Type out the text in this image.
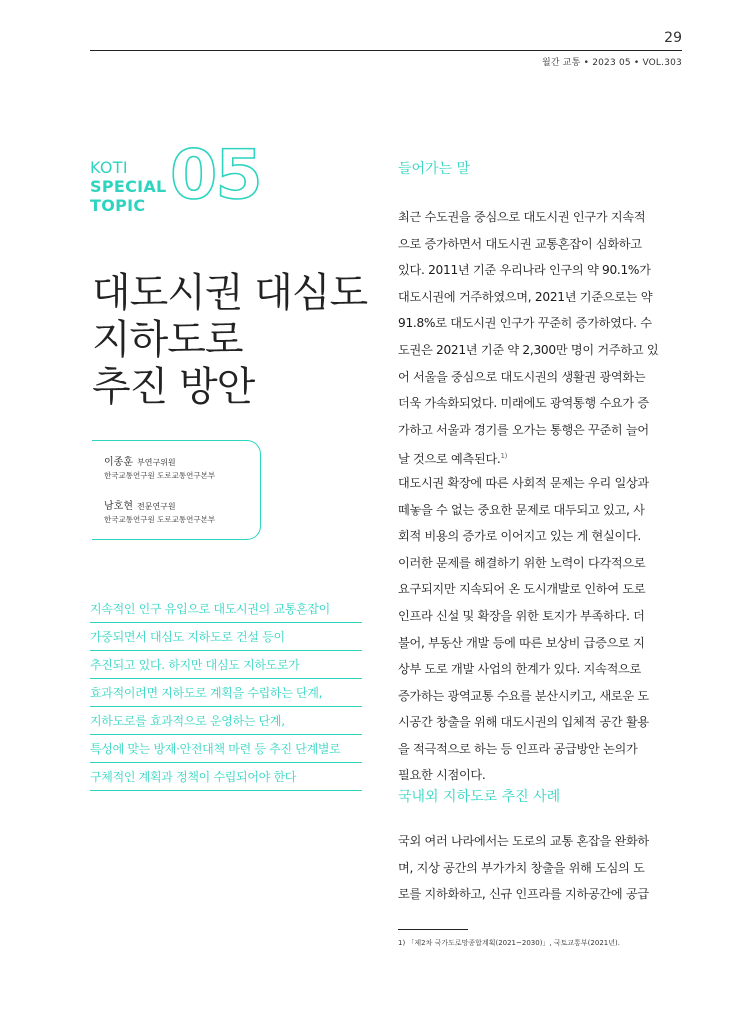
29
월간 교통 • 2023 05 • VOL.303
KOTI
SPECIAL
TOPIC 05
대도시권 대심도
지하도로
추진 방안
이종훈 부연구위원
한국교통연구원 도로교통연구본부
남호현 전문연구원
한국교통연구원 도로교통연구본부
지속적인 인구 유입으로 대도시권의 교통혼잡이
가중되면서 대심도 지하도로 건설 등이
추진되고 있다. 하지만 대심도 지하도로가
효과적이려면 지하도로 계획을 수립하는 단계,
지하도로를 효과적으로 운영하는 단계,
특성에 맞는 방재·안전대책 마련 등 추진 단계별로
구체적인 계획과 정책이 수립되어야 한다
들어가는 말
최근 수도권을 중심으로 대도시권 인구가 지속적
으로 증가하면서 대도시권 교통혼잡이 심화하고
있다. 2011년 기준 우리나라 인구의 약 90.1%가
대도시권에 거주하였으며, 2021년 기준으로는 약
91.8%로 대도시권 인구가 꾸준히 증가하였다. 수
도권은 2021년 기준 약 2,300만 명이 거주하고 있
어 서울을 중심으로 대도시권의 생활권 광역화는
더욱 가속화되었다. 미래에도 광역통행 수요가 증
가하고 서울과 경기를 오가는 통행은 꾸준히 늘어
날 것으로 예측된다.$^{1)}$
대도시권 확장에 따른 사회적 문제는 우리 일상과
떼놓을 수 없는 중요한 문제로 대두되고 있고, 사
회적 비용의 증가로 이어지고 있는 게 현실이다.
이러한 문제를 해결하기 위한 노력이 다각적으로
요구되지만 지속되어 온 도시개발로 인하여 도로
인프라 신설 및 확장을 위한 토지가 부족하다. 더
불어, 부동산 개발 등에 따른 보상비 급증으로 지
상부 도로 개발 사업의 한계가 있다. 지속적으로
증가하는 광역교통 수요를 분산시키고, 새로운 도
시공간 창출을 위해 대도시권의 입체적 공간 활용
을 적극적으로 하는 등 인프라 공급방안 논의가
필요한 시점이다.
국내외 지하도로 추진 사례
국외 여러 나라에서는 도로의 교통 혼잡을 완화하
며, 지상 공간의 부가가치 창출을 위해 도심의 도
로를 지하화하고, 신규 인프라를 지하공간에 공급
1) 「제2차 국가도로망종합계획(2021~2030)」, 국토교통부(2021년).
